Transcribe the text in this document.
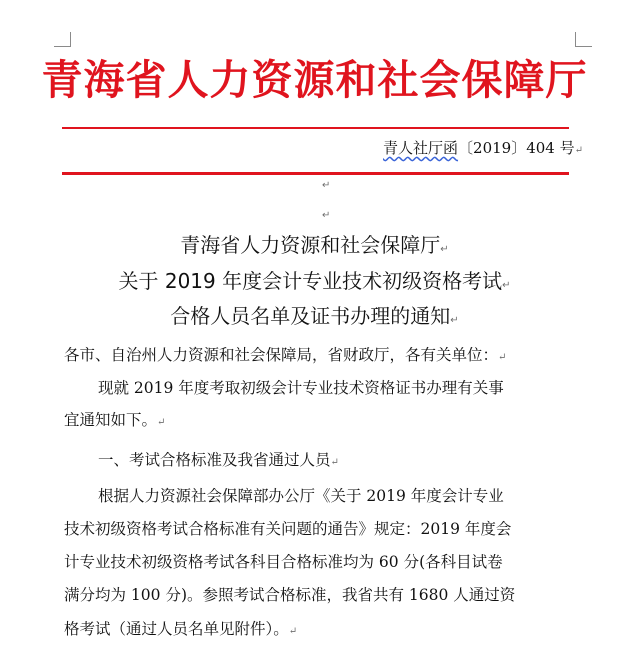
青海省人力资源和社会保障厅
青人社厅函〔2019〕404 号↵
↵
↵
青海省人力资源和社会保障厅↵
关于 2019 年度会计专业技术初级资格考试↵
合格人员名单及证书办理的通知↵
各市、自治州人力资源和社会保障局，省财政厅，各有关单位：↵
现就 2019 年度考取初级会计专业技术资格证书办理有关事
宜通知如下。↵
一、考试合格标准及我省通过人员↵
根据人力资源社会保障部办公厅《关于 2019 年度会计专业
技术初级资格考试合格标准有关问题的通告》规定：2019 年度会
计专业技术初级资格考试各科目合格标准均为 60 分(各科目试卷
满分均为 100 分)。参照考试合格标准，我省共有 1680 人通过资
格考试（通过人员名单见附件）。↵
